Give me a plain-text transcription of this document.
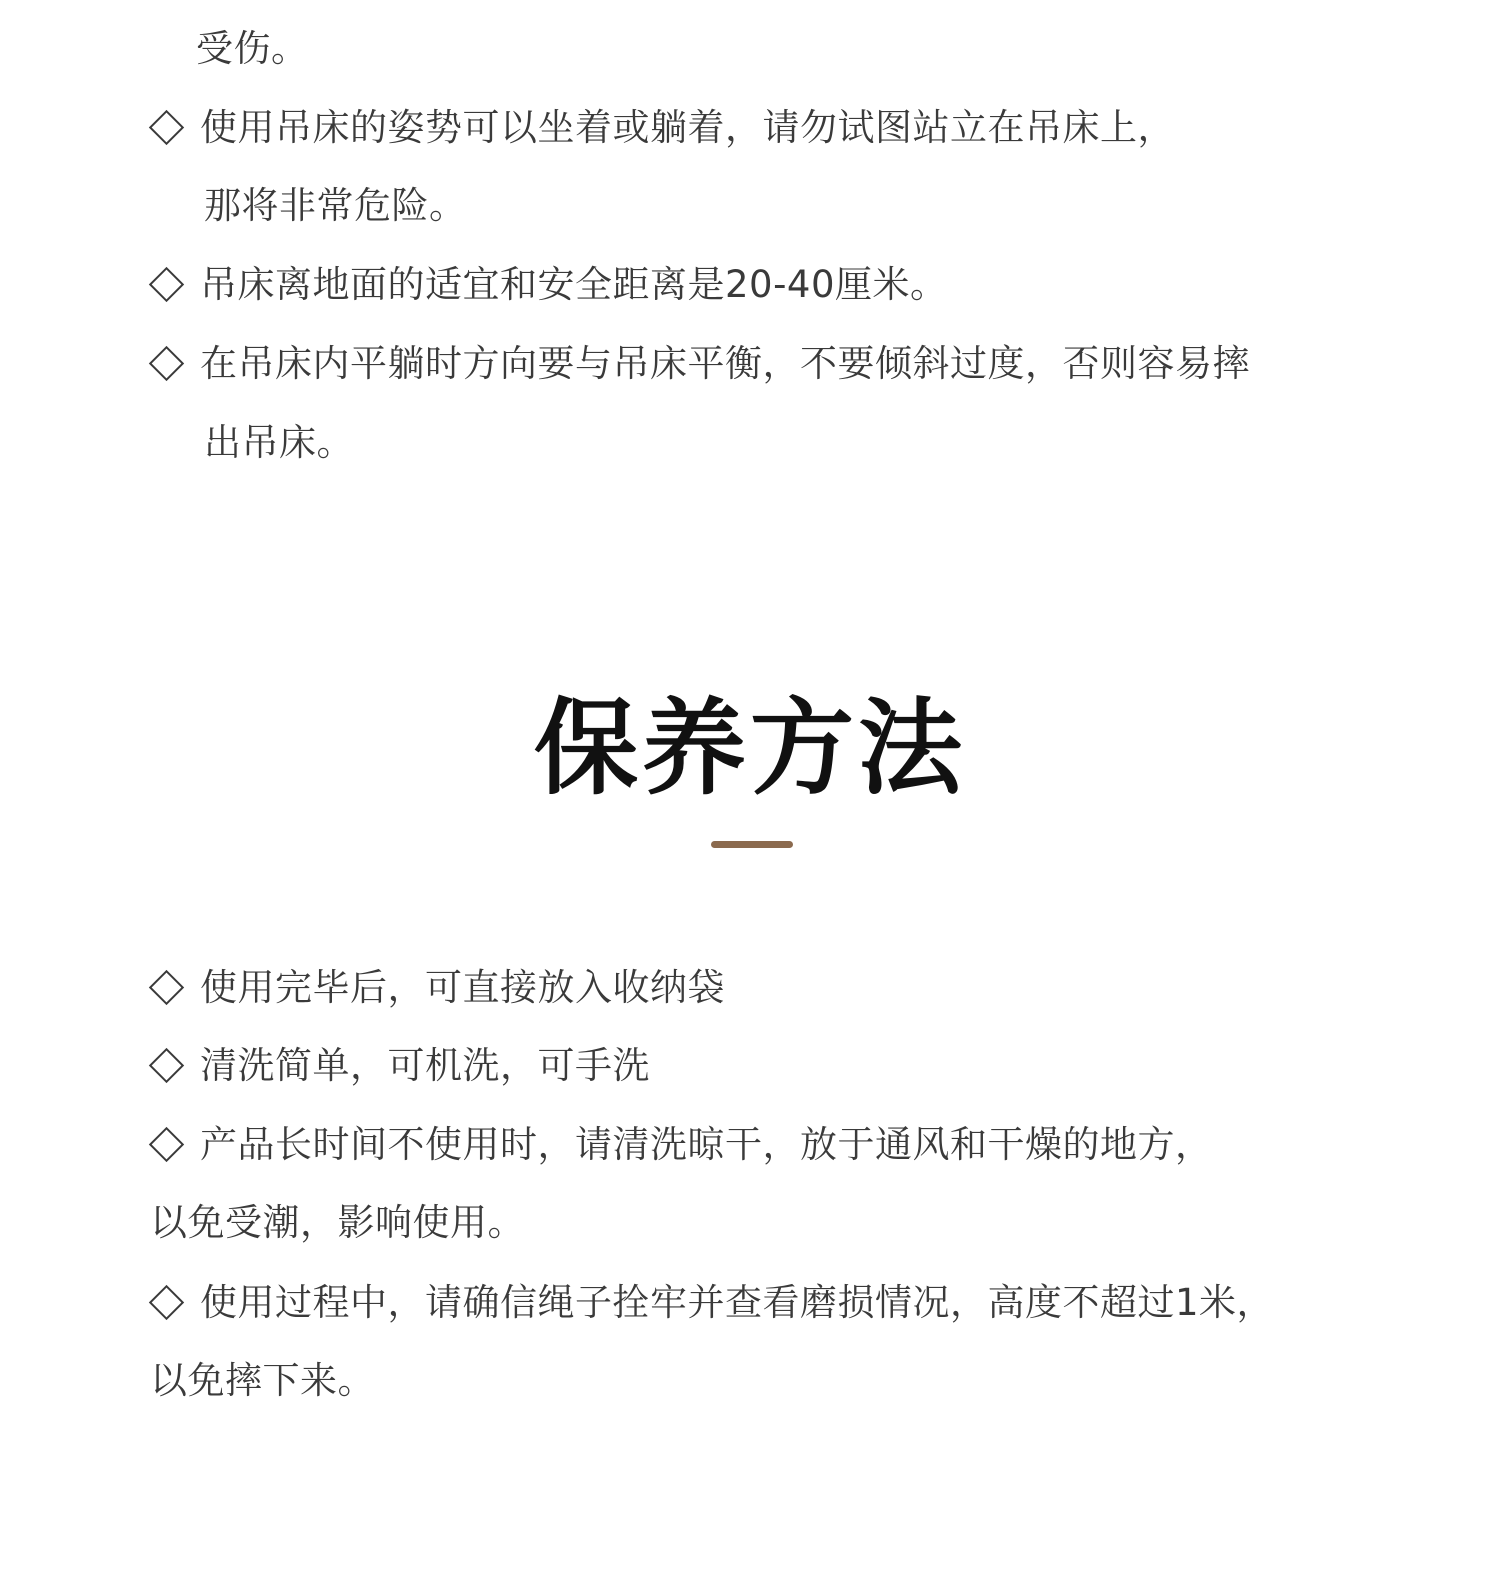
受伤。
使用吊床的姿势可以坐着或躺着，请勿试图站立在吊床上，
那将非常危险。
吊床离地面的适宜和安全距离是20-40厘米。
在吊床内平躺时方向要与吊床平衡，不要倾斜过度，否则容易摔
出吊床。
保养方法
使用完毕后，可直接放入收纳袋
清洗简单，可机洗，可手洗
产品长时间不使用时，请清洗晾干，放于通风和干燥的地方，
以免受潮，影响使用。
使用过程中，请确信绳子拴牢并查看磨损情况，高度不超过1米，
以免摔下来。
